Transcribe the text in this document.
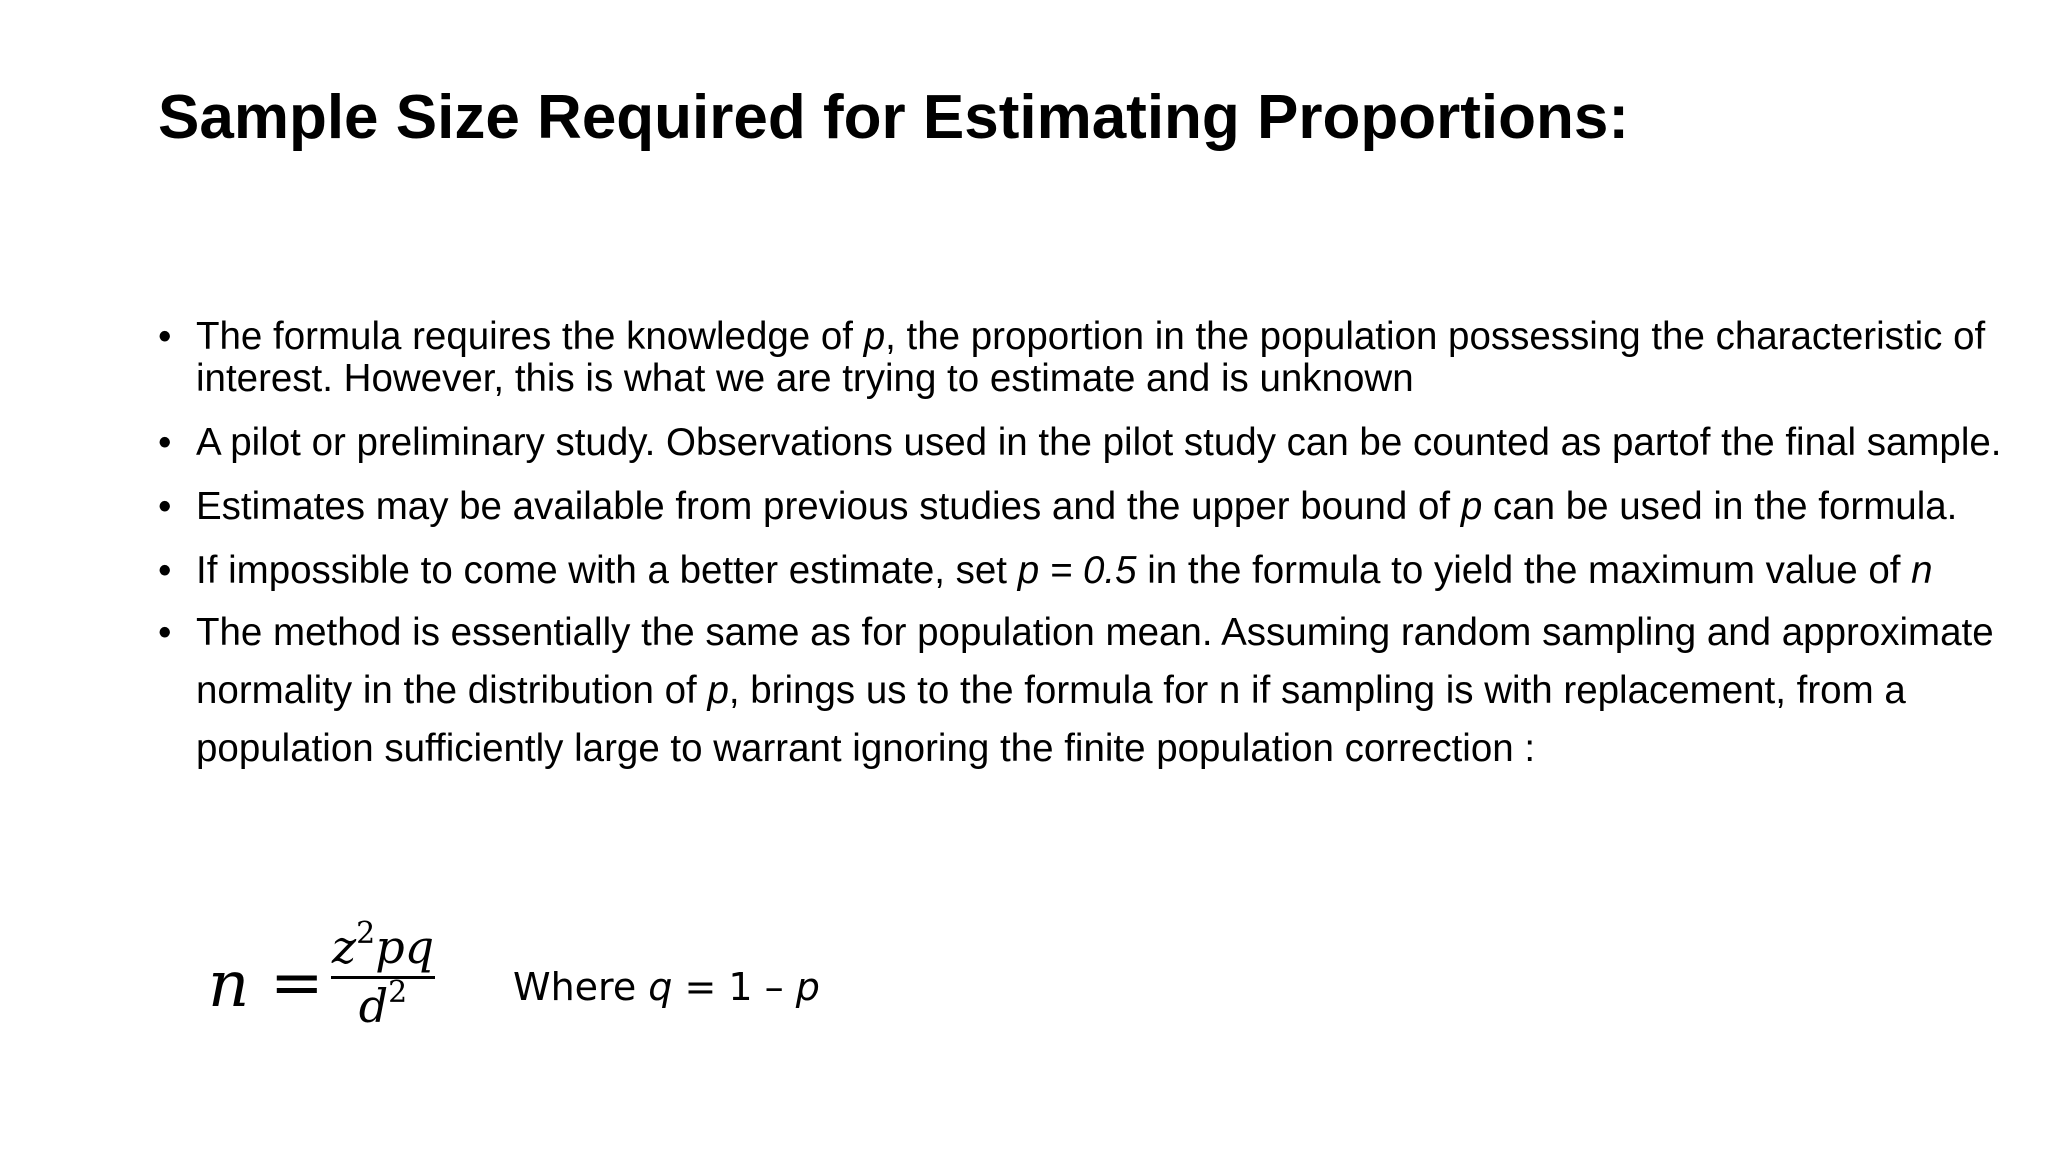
Sample Size Required for Estimating Proportions:
• The formula requires the knowledge of p, the proportion in the population possessing the characteristic of interest. However, this is what we are trying to estimate and is unknown
• A pilot or preliminary study. Observations used in the pilot study can be counted as partof the final sample.
• Estimates may be available from previous studies and the upper bound of p can be used in the formula.
• If impossible to come with a better estimate, set p = 0.5 in the formula to yield the maximum value of n
• The method is essentially the same as for population mean. Assuming random sampling and approximate normality in the distribution of p, brings us to the formula for n if sampling is with replacement, from a population sufficiently large to warrant ignoring the finite population correction :
$n = z^2pq$
$d^2$	Where q = 1 – p
